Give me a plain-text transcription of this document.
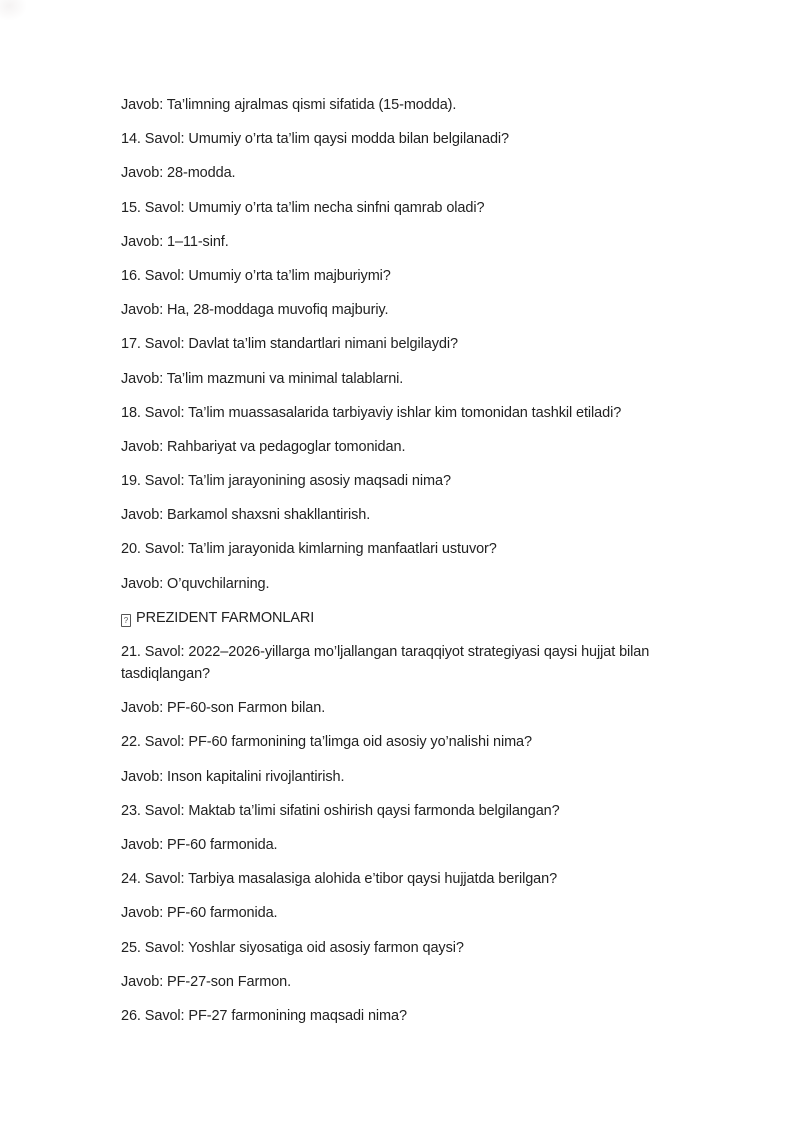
Javob: Ta’limning ajralmas qismi sifatida (15-modda).

14. Savol: Umumiy o’rta ta’lim qaysi modda bilan belgilanadi?

Javob: 28-modda.

15. Savol: Umumiy o’rta ta’lim necha sinfni qamrab oladi?

Javob: 1–11-sinf.

16. Savol: Umumiy o’rta ta’lim majburiymi?

Javob: Ha, 28-moddaga muvofiq majburiy.

17. Savol: Davlat ta’lim standartlari nimani belgilaydi?

Javob: Ta’lim mazmuni va minimal talablarni.

18. Savol: Ta’lim muassasalarida tarbiyaviy ishlar kim tomonidan tashkil etiladi?

Javob: Rahbariyat va pedagoglar tomonidan.

19. Savol: Ta’lim jarayonining asosiy maqsadi nima?

Javob: Barkamol shaxsni shakllantirish.

20. Savol: Ta’lim jarayonida kimlarning manfaatlari ustuvor?

Javob: O’quvchilarning.

? PREZIDENT FARMONLARI

21. Savol: 2022–2026-yillarga mo’ljallangan taraqqiyot strategiyasi qaysi hujjat bilan
tasdiqlangan?

Javob: PF-60-son Farmon bilan.

22. Savol: PF-60 farmonining ta’limga oid asosiy yo’nalishi nima?

Javob: Inson kapitalini rivojlantirish.

23. Savol: Maktab ta’limi sifatini oshirish qaysi farmonda belgilangan?

Javob: PF-60 farmonida.

24. Savol: Tarbiya masalasiga alohida e’tibor qaysi hujjatda berilgan?

Javob: PF-60 farmonida.

25. Savol: Yoshlar siyosatiga oid asosiy farmon qaysi?

Javob: PF-27-son Farmon.

26. Savol: PF-27 farmonining maqsadi nima?
